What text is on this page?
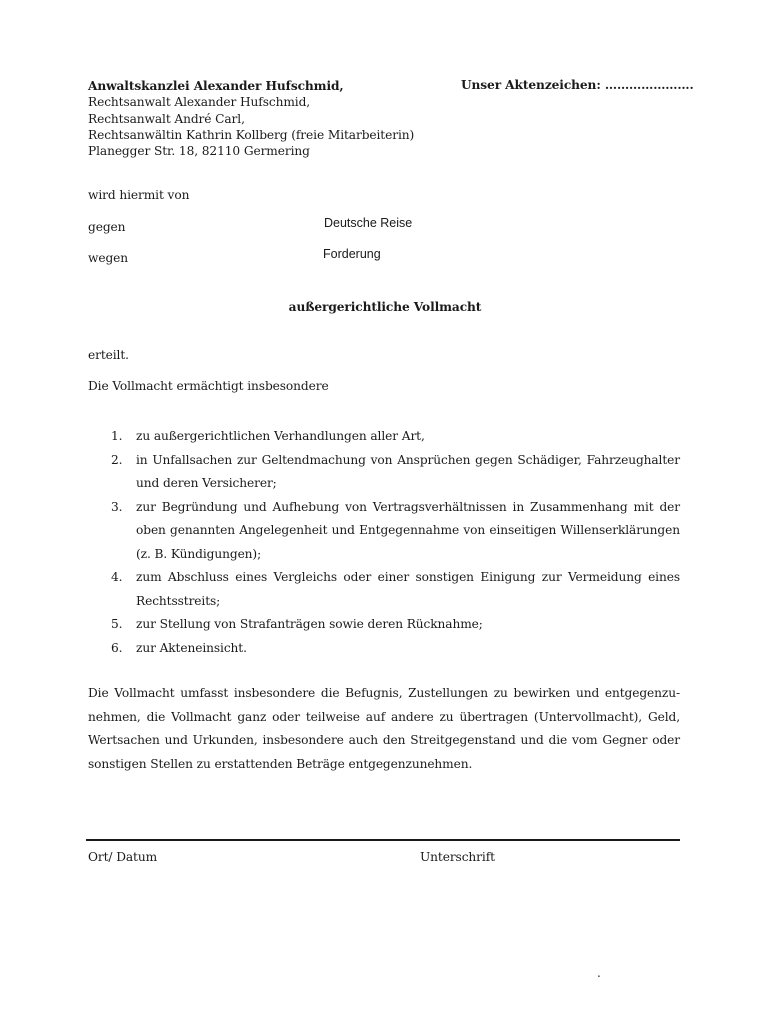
Anwaltskanzlei Alexander Hufschmid,
Rechtsanwalt Alexander Hufschmid,
Rechtsanwalt André Carl,
Rechtsanwältin Kathrin Kollberg (freie Mitarbeiterin)
Planegger Str. 18, 82110 Germering
Unser Aktenzeichen: ………………….
wird hiermit von
gegen	Deutsche Reise
wegen	Forderung
außergerichtliche Vollmacht
erteilt.
Die Vollmacht ermächtigt insbesondere
1. zu außergerichtlichen Verhandlungen aller Art,
2. in Unfallsachen zur Geltendmachung von Ansprüchen gegen Schädiger, Fahrzeughalter und deren Versicherer;
3. zur Begründung und Aufhebung von Vertragsverhältnissen in Zusammenhang mit der oben genannten Angelegenheit und Entgegennahme von einseitigen Willenserklärungen (z. B. Kündigungen);
4. zum Abschluss eines Vergleichs oder einer sonstigen Einigung zur Vermeidung eines Rechtsstreits;
5. zur Stellung von Strafanträgen sowie deren Rücknahme;
6. zur Akteneinsicht.
Die Vollmacht umfasst insbesondere die Befugnis, Zustellungen zu bewirken und entgegenzu-nehmen, die Vollmacht ganz oder teilweise auf andere zu übertragen (Untervollmacht), Geld, Wertsachen und Urkunden, insbesondere auch den Streitgegenstand und die vom Gegner oder sonstigen Stellen zu erstattenden Beträge entgegenzunehmen.
Ort/ Datum	Unterschrift
.
